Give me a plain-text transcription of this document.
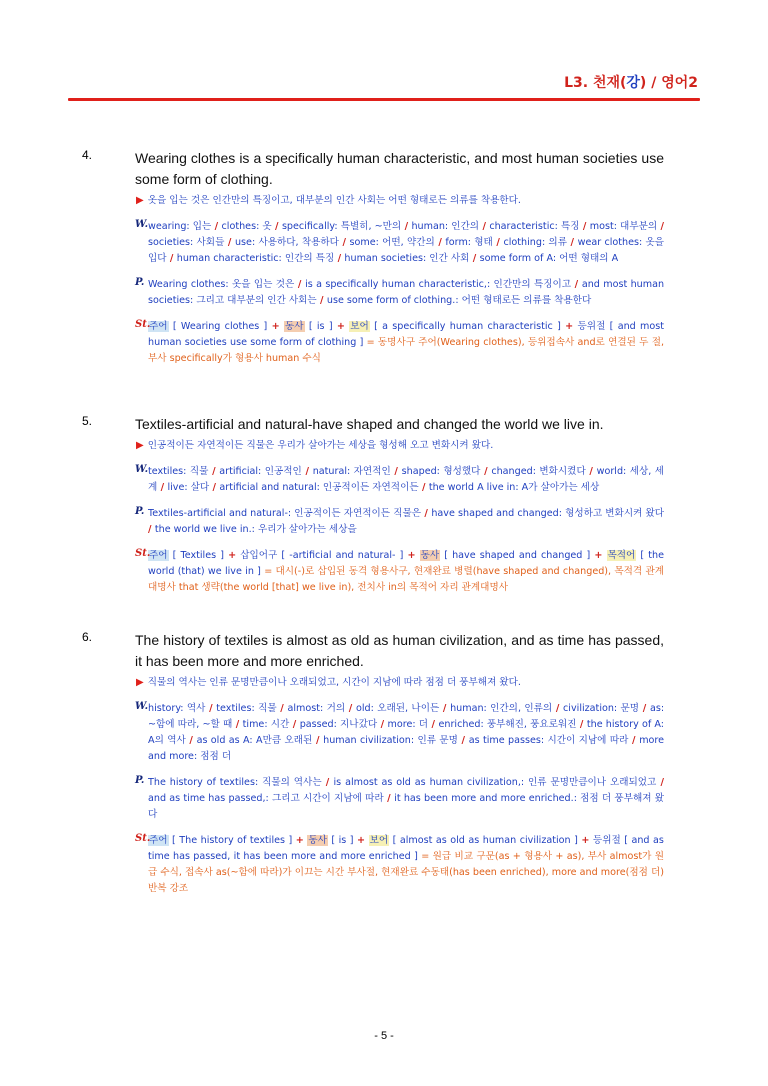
L3. 천재(강) / 영어2
4.	Wearing clothes is a specifically human characteristic, and most human societies use some form of clothing.
▶ 옷을 입는 것은 인간만의 특징이고, 대부분의 인간 사회는 어떤 형태로든 의류를 착용한다.
W. wearing: 입는 / clothes: 옷 / specifically: 특별히, ~만의 / human: 인간의 / characteristic: 특징 / most: 대부분의 / societies: 사회들 / use: 사용하다, 착용하다 / some: 어떤, 약간의 / form: 형태 / clothing: 의류 / wear clothes: 옷을 입다 / human characteristic: 인간의 특징 / human societies: 인간 사회 / some form of A: 어떤 형태의 A
P. Wearing clothes: 옷을 입는 것은 / is a specifically human characteristic,: 인간만의 특징이고 / and most human societies: 그리고 대부분의 인간 사회는 / use some form of clothing.: 어떤 형태로든 의류를 착용한다
St.
주어 [ Wearing clothes ] + 동사 [ is ] + 보어 [ a specifically human characteristic ] + 등위절 [ and most human societies use some form of clothing ] = 동명사구 주어(Wearing clothes), 등위접속사 and로 연결된 두 절, 부사 specifically가 형용사 human 수식
5.	Textiles-artificial and natural-have shaped and changed the world we live in.
▶ 인공적이든 자연적이든 직물은 우리가 살아가는 세상을 형성해 오고 변화시켜 왔다.
W. textiles: 직물 / artificial: 인공적인 / natural: 자연적인 / shaped: 형성했다 / changed: 변화시켰다 / world: 세상, 세계 / live: 살다 / artificial and natural: 인공적이든 자연적이든 / the world A live in: A가 살아가는 세상
P. Textiles-artificial and natural-: 인공적이든 자연적이든 직물은 / have shaped and changed: 형성하고 변화시켜 왔다 / the world we live in.: 우리가 살아가는 세상을
St.
주어 [ Textiles ] + 삽입어구 [ -artificial and natural- ] + 동사 [ have shaped and changed ] + 목적어 [ the world (that) we live in ] = 대시(-)로 삽입된 동격 형용사구, 현재완료 병렬(have shaped and changed), 목적격 관계대명사 that 생략(the world [that] we live in), 전치사 in의 목적어 자리 관계대명사
6.	The history of textiles is almost as old as human civilization, and as time has passed, it has been more and more enriched.
▶ 직물의 역사는 인류 문명만큼이나 오래되었고, 시간이 지남에 따라 점점 더 풍부해져 왔다.
W. history: 역사 / textiles: 직물 / almost: 거의 / old: 오래된, 나이든 / human: 인간의, 인류의 / civilization: 문명 / as: ~함에 따라, ~할 때 / time: 시간 / passed: 지나갔다 / more: 더 / enriched: 풍부해진, 풍요로워진 / the history of A: A의 역사 / as old as A: A만큼 오래된 / human civilization: 인류 문명 / as time passes: 시간이 지남에 따라 / more and more: 점점 더
P. The history of textiles: 직물의 역사는 / is almost as old as human civilization,: 인류 문명만큼이나 오래되었고 / and as time has passed,: 그리고 시간이 지남에 따라 / it has been more and more enriched.: 점점 더 풍부해져 왔다
St.
주어 [ The history of textiles ] + 동사 [ is ] + 보어 [ almost as old as human civilization ] + 등위절 [ and as time has passed, it has been more and more enriched ] = 원급 비교 구문(as + 형용사 + as), 부사 almost가 원급 수식, 접속사 as(~함에 따라)가 이끄는 시간 부사절, 현재완료 수동태(has been enriched), more and more(점점 더) 반복 강조
- 5 -
